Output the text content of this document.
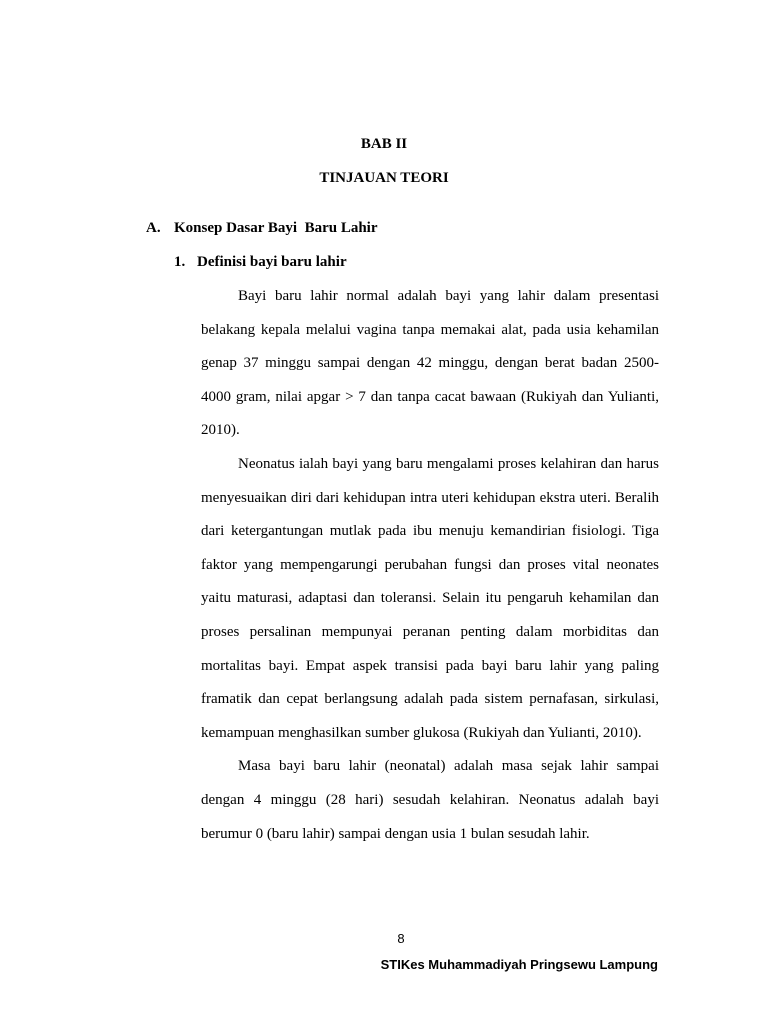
BAB II
TINJAUAN TEORI
A. Konsep Dasar Bayi  Baru Lahir
1. Definisi bayi baru lahir

Bayi baru lahir normal adalah bayi yang lahir dalam presentasi belakang kepala melalui vagina tanpa memakai alat, pada usia kehamilan genap 37 minggu sampai dengan 42 minggu, dengan berat badan 2500-4000 gram, nilai apgar > 7 dan tanpa cacat bawaan (Rukiyah dan Yulianti, 2010).

Neonatus ialah bayi yang baru mengalami proses kelahiran dan harus menyesuaikan diri dari kehidupan intra uteri kehidupan ekstra uteri. Beralih dari ketergantungan mutlak pada ibu menuju kemandirian fisiologi. Tiga faktor yang mempengarungi perubahan fungsi dan proses vital neonates yaitu maturasi, adaptasi dan toleransi. Selain itu pengaruh kehamilan dan proses persalinan mempunyai peranan penting dalam morbiditas dan mortalitas bayi. Empat aspek transisi pada bayi baru lahir yang paling framatik dan cepat berlangsung adalah pada sistem pernafasan, sirkulasi, kemampuan menghasilkan sumber glukosa (Rukiyah dan Yulianti, 2010).

Masa bayi baru lahir (neonatal) adalah masa sejak lahir sampai dengan 4 minggu (28 hari) sesudah kelahiran. Neonatus adalah bayi berumur 0 (baru lahir) sampai dengan usia 1 bulan sesudah lahir.

8
STIKes Muhammadiyah Pringsewu Lampung
